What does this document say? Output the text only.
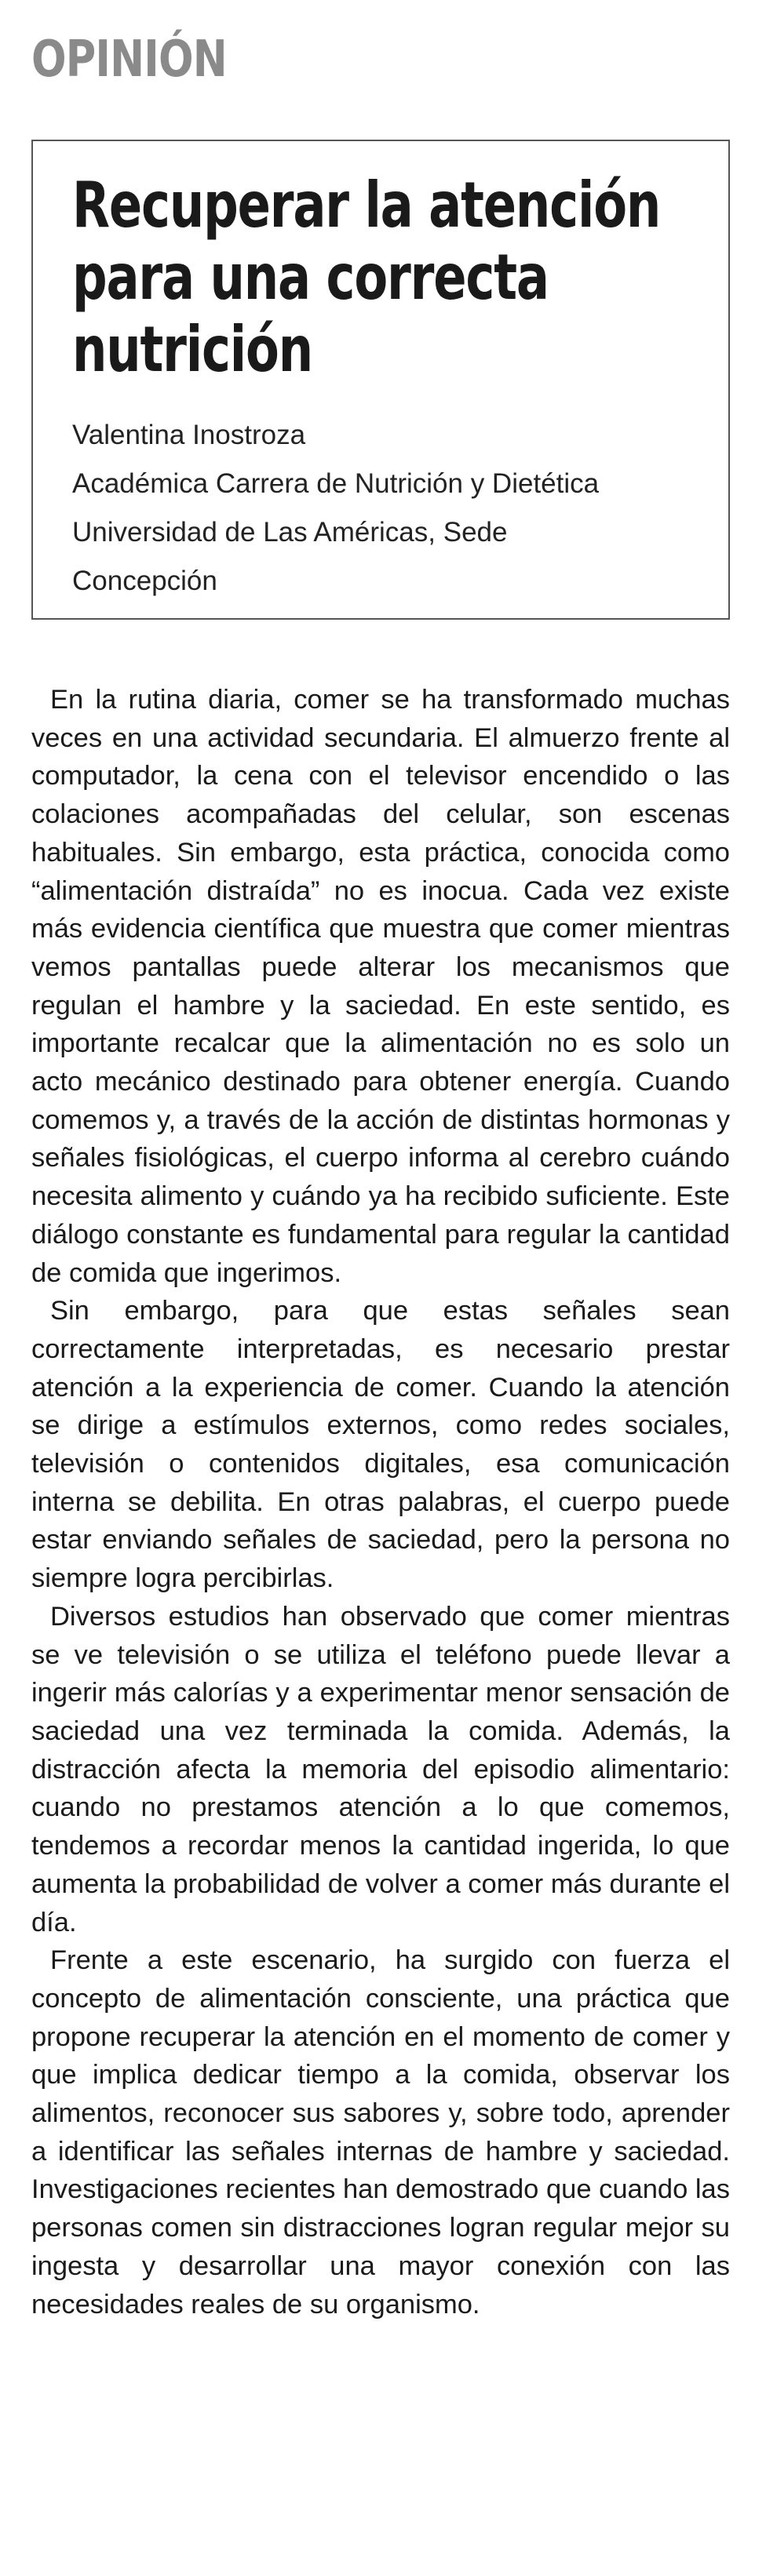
OPINIÓN
Recuperar la atención para una correcta nutrición
Valentina Inostroza
Académica Carrera de Nutrición y Dietética
Universidad de Las Américas, Sede
Concepción

En la rutina diaria, comer se ha transformado muchas veces en una actividad secundaria. El almuerzo frente al computador, la cena con el televisor encendido o las colaciones acompañadas del celular, son escenas habituales. Sin embargo, esta práctica, conocida como “alimentación distraída” no es inocua. Cada vez existe más evidencia científica que muestra que comer mientras vemos pantallas puede alterar los mecanismos que regulan el hambre y la saciedad. En este sentido, es importante recalcar que la alimentación no es solo un acto mecánico destinado para obtener energía. Cuando comemos y, a través de la acción de distintas hormonas y señales fisiológicas, el cuerpo informa al cerebro cuándo necesita alimento y cuándo ya ha recibido suficiente. Este diálogo constante es fundamental para regular la cantidad de comida que ingerimos.

Sin embargo, para que estas señales sean correctamente interpretadas, es necesario prestar atención a la experiencia de comer. Cuando la atención se dirige a estímulos externos, como redes sociales, televisión o contenidos digitales, esa comunicación interna se debilita. En otras palabras, el cuerpo puede estar enviando señales de saciedad, pero la persona no siempre logra percibirlas.

Diversos estudios han observado que comer mientras se ve televisión o se utiliza el teléfono puede llevar a ingerir más calorías y a experimentar menor sensación de saciedad una vez terminada la comida. Además, la distracción afecta la memoria del episodio alimentario: cuando no prestamos atención a lo que comemos, tendemos a recordar menos la cantidad ingerida, lo que aumenta la probabilidad de volver a comer más durante el día.

Frente a este escenario, ha surgido con fuerza el concepto de alimentación consciente, una práctica que propone recuperar la atención en el momento de comer y que implica dedicar tiempo a la comida, observar los alimentos, reconocer sus sabores y, sobre todo, aprender a identificar las señales internas de hambre y saciedad. Investigaciones recientes han demostrado que cuando las personas comen sin distracciones logran regular mejor su ingesta y desarrollar una mayor conexión con las necesidades reales de su organismo.
